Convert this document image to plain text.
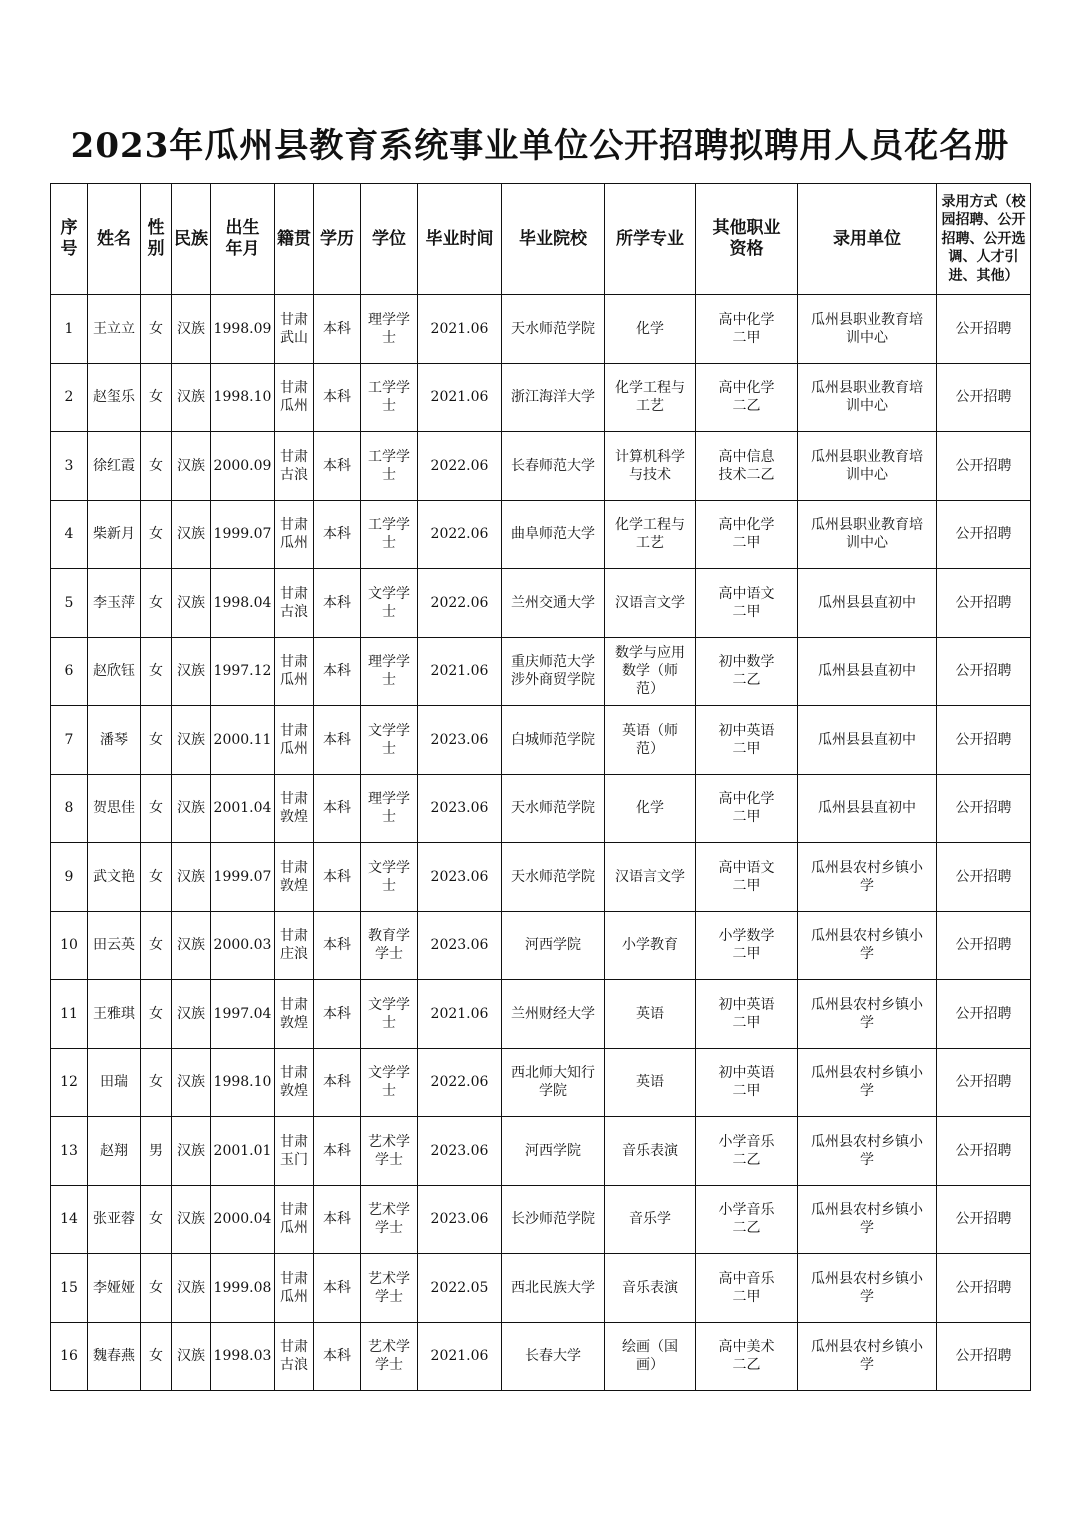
2023年瓜州县教育系统事业单位公开招聘拟聘用人员花名册
序号	姓名	性别	民族	出生年月	籍贯	学历	学位	毕业时间	毕业院校	所学专业	其他职业资格	录用单位	录用方式（校园招聘、公开招聘、公开选调、人才引进、其他）
1	王立立	女	汉族	1998.09	甘肃武山	本科	理学学士	2021.06	天水师范学院	化学	高中化学二甲	瓜州县职业教育培训中心	公开招聘
2	赵玺乐	女	汉族	1998.10	甘肃瓜州	本科	工学学士	2021.06	浙江海洋大学	化学工程与工艺	高中化学二乙	瓜州县职业教育培训中心	公开招聘
3	徐红霞	女	汉族	2000.09	甘肃古浪	本科	工学学士	2022.06	长春师范大学	计算机科学与技术	高中信息技术二乙	瓜州县职业教育培训中心	公开招聘
4	柴新月	女	汉族	1999.07	甘肃瓜州	本科	工学学士	2022.06	曲阜师范大学	化学工程与工艺	高中化学二甲	瓜州县职业教育培训中心	公开招聘
5	李玉萍	女	汉族	1998.04	甘肃古浪	本科	文学学士	2022.06	兰州交通大学	汉语言文学	高中语文二甲	瓜州县县直初中	公开招聘
6	赵欣钰	女	汉族	1997.12	甘肃瓜州	本科	理学学士	2021.06	重庆师范大学涉外商贸学院	数学与应用数学（师范）	初中数学二乙	瓜州县县直初中	公开招聘
7	潘琴	女	汉族	2000.11	甘肃瓜州	本科	文学学士	2023.06	白城师范学院	英语（师范）	初中英语二甲	瓜州县县直初中	公开招聘
8	贺思佳	女	汉族	2001.04	甘肃敦煌	本科	理学学士	2023.06	天水师范学院	化学	高中化学二甲	瓜州县县直初中	公开招聘
9	武文艳	女	汉族	1999.07	甘肃敦煌	本科	文学学士	2023.06	天水师范学院	汉语言文学	高中语文二甲	瓜州县农村乡镇小学	公开招聘
10	田云英	女	汉族	2000.03	甘肃庄浪	本科	教育学学士	2023.06	河西学院	小学教育	小学数学二甲	瓜州县农村乡镇小学	公开招聘
11	王雅琪	女	汉族	1997.04	甘肃敦煌	本科	文学学士	2021.06	兰州财经大学	英语	初中英语二甲	瓜州县农村乡镇小学	公开招聘
12	田瑞	女	汉族	1998.10	甘肃敦煌	本科	文学学士	2022.06	西北师大知行学院	英语	初中英语二甲	瓜州县农村乡镇小学	公开招聘
13	赵翔	男	汉族	2001.01	甘肃玉门	本科	艺术学学士	2023.06	河西学院	音乐表演	小学音乐二乙	瓜州县农村乡镇小学	公开招聘
14	张亚蓉	女	汉族	2000.04	甘肃瓜州	本科	艺术学学士	2023.06	长沙师范学院	音乐学	小学音乐二乙	瓜州县农村乡镇小学	公开招聘
15	李娅娅	女	汉族	1999.08	甘肃瓜州	本科	艺术学学士	2022.05	西北民族大学	音乐表演	高中音乐二甲	瓜州县农村乡镇小学	公开招聘
16	魏春燕	女	汉族	1998.03	甘肃古浪	本科	艺术学学士	2021.06	长春大学	绘画（国画）	高中美术二乙	瓜州县农村乡镇小学	公开招聘
